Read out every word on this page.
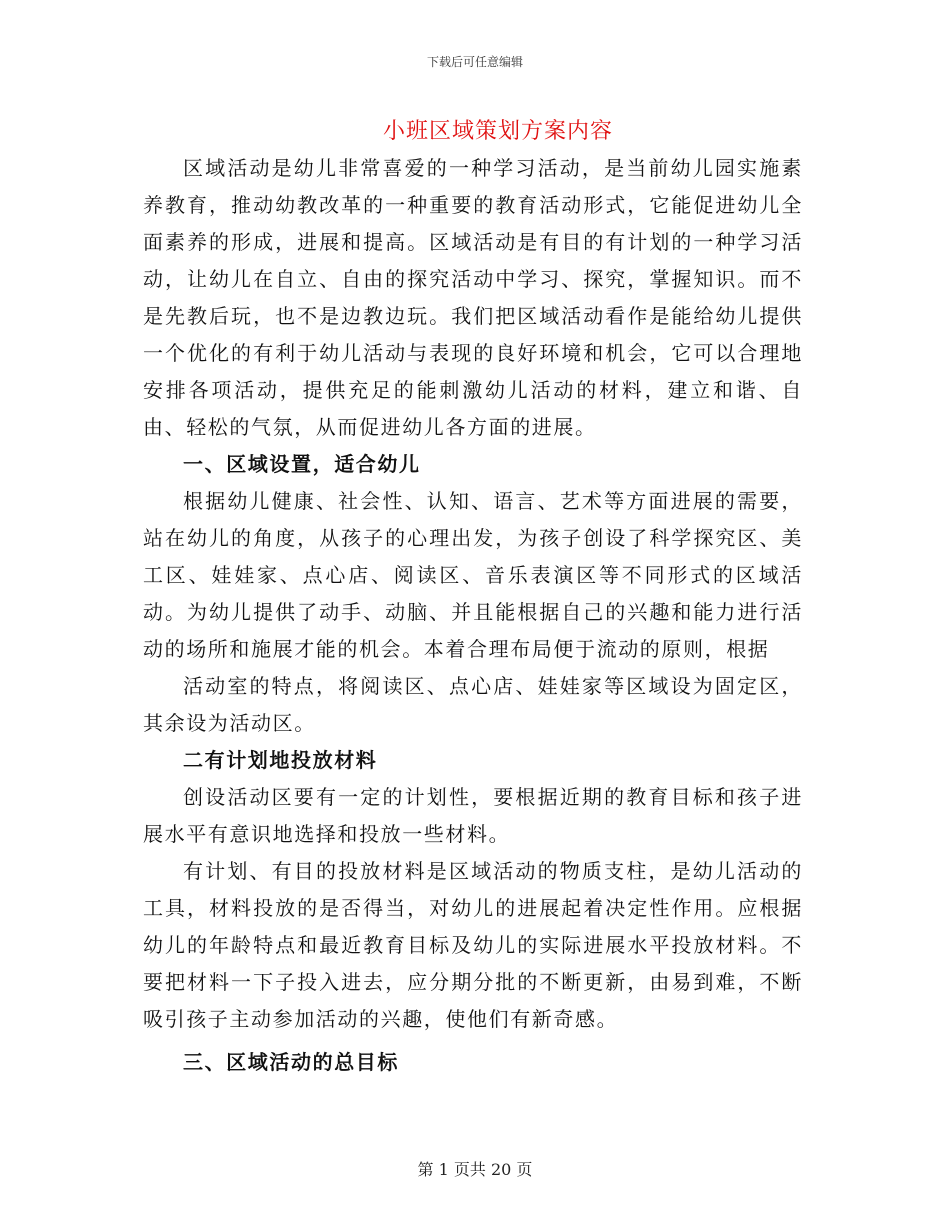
下载后可任意编辑
小班区域策划方案内容

区域活动是幼儿非常喜爱的一种学习活动，是当前幼儿园实施素养教育，推动幼教改革的一种重要的教育活动形式，它能促进幼儿全面素养的形成，进展和提高。区域活动是有目的有计划的一种学习活动，让幼儿在自立、自由的探究活动中学习、探究，掌握知识。而不是先教后玩，也不是边教边玩。我们把区域活动看作是能给幼儿提供一个优化的有利于幼儿活动与表现的良好环境和机会，它可以合理地安排各项活动，提供充足的能刺激幼儿活动的材料，建立和谐、自由、轻松的气氛，从而促进幼儿各方面的进展。

一、区域设置，适合幼儿

根据幼儿健康、社会性、认知、语言、艺术等方面进展的需要，站在幼儿的角度，从孩子的心理出发，为孩子创设了科学探究区、美工区、娃娃家、点心店、阅读区、音乐表演区等不同形式的区域活动。为幼儿提供了动手、动脑、并且能根据自己的兴趣和能力进行活动的场所和施展才能的机会。本着合理布局便于流动的原则，根据

活动室的特点，将阅读区、点心店、娃娃家等区域设为固定区，其余设为活动区。

二有计划地投放材料

创设活动区要有一定的计划性，要根据近期的教育目标和孩子进展水平有意识地选择和投放一些材料。

有计划、有目的投放材料是区域活动的物质支柱，是幼儿活动的工具，材料投放的是否得当，对幼儿的进展起着决定性作用。应根据幼儿的年龄特点和最近教育目标及幼儿的实际进展水平投放材料。不要把材料一下子投入进去，应分期分批的不断更新，由易到难，不断吸引孩子主动参加活动的兴趣，使他们有新奇感。

三、区域活动的总目标
第 1 页共 20 页
